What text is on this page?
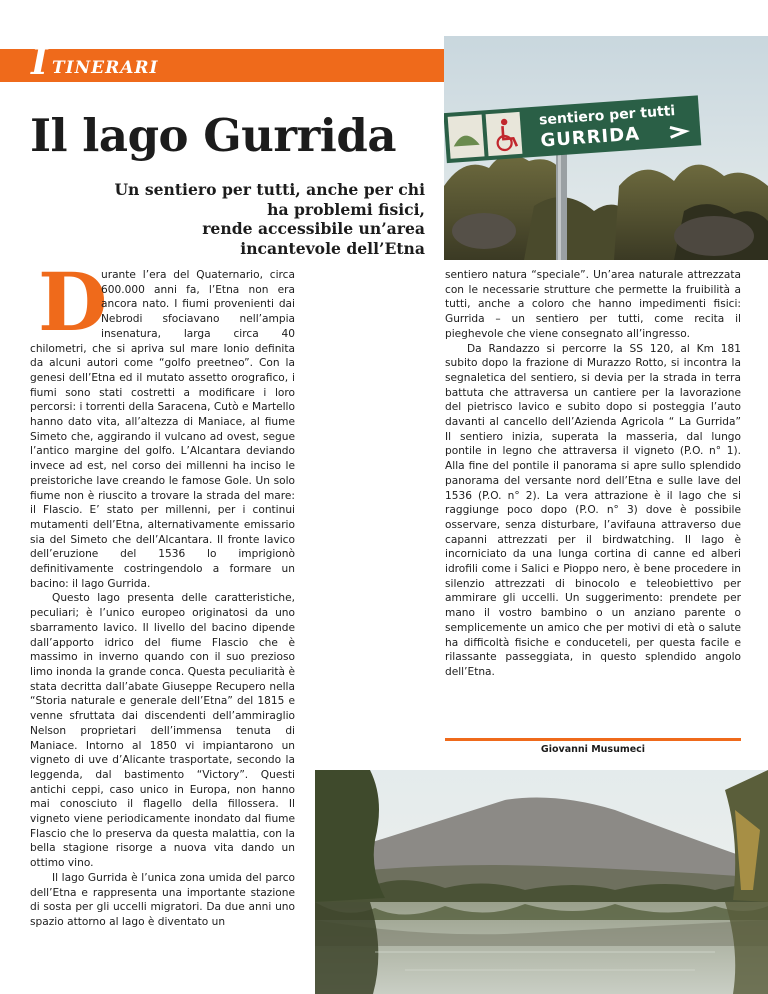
I TINERARI
Il lago Gurrida
Un sentiero per tutti, anche per chi
ha problemi fisici,
rende accessibile un’area
incantevole dell’Etna
sentiero per tutti
GURRIDA

D
urante l’era del Quaternario, circa 600.000 anni fa, l’Etna non era ancora nato. I fiumi provenienti dai Nebrodi sfociavano nell’ampia insenatura, larga circa 40 chilometri, che si apriva sul mare Ionio definita da alcuni autori come “golfo preetneo”. Con la genesi dell’Etna ed il mutato assetto orografico, i fiumi sono stati costretti a modificare i loro percorsi: i torrenti della Saracena, Cutò e Martello hanno dato vita, all’altezza di Maniace, al fiume Simeto che, aggirando il vulcano ad ovest, segue l’antico margine del golfo. L’Alcantara deviando invece ad est, nel corso dei millenni ha inciso le preistoriche lave creando le famose Gole. Un solo fiume non è riuscito a trovare la strada del mare: il Flascio. E’ stato per millenni, per i continui mutamenti dell’Etna, alternativamente emissario sia del Simeto che dell’Alcantara. Il fronte lavico dell’eruzione del 1536 lo imprigionò definitivamente costringendolo a formare un bacino: il lago Gurrida.

Questo lago presenta delle caratteristiche, peculiari; è l’unico europeo originatosi da uno sbarramento lavico. Il livello del bacino dipende dall’apporto idrico del fiume Flascio che è massimo in inverno quando con il suo prezioso limo inonda la grande conca. Questa peculiarità è stata decritta dall’abate Giuseppe Recupero nella “Storia naturale e generale dell’Etna” del 1815 e venne sfruttata dai discendenti dell’ammiraglio Nelson proprietari dell’immensa tenuta di Maniace. Intorno al 1850 vi impiantarono un vigneto di uve d’Alicante trasportate, secondo la leggenda, dal bastimento “Victory”. Questi antichi ceppi, caso unico in Europa, non hanno mai conosciuto il flagello della fillossera. Il vigneto viene periodicamente inondato dal fiume Flascio che lo preserva da questa malattia, con la bella stagione risorge a nuova vita dando un ottimo vino.

Il lago Gurrida è l’unica zona umida del parco dell’Etna e rappresenta una importante stazione di sosta per gli uccelli migratori. Da due anni uno spazio attorno al lago è diventato un

sentiero natura “speciale”. Un’area naturale attrezzata con le necessarie strutture che permette la fruibilità a tutti, anche a coloro che hanno impedimenti fisici: Gurrida – un sentiero per tutti, come recita il pieghevole che viene consegnato all’ingresso.

Da Randazzo si percorre la SS 120, al Km 181 subito dopo la frazione di Murazzo Rotto, si incontra la segnaletica del sentiero, si devia per la strada in terra battuta che attraversa un cantiere per la lavorazione del pietrisco lavico e subito dopo si posteggia l’auto davanti al cancello dell’Azienda Agricola “ La Gurrida” Il sentiero inizia, superata la masseria, dal lungo pontile in legno che attraversa il vigneto (P.O. n° 1). Alla fine del pontile il panorama si apre sullo splendido panorama del versante nord dell’Etna e sulle lave del 1536 (P.O. n° 2). La vera attrazione è il lago che si raggiunge poco dopo (P.O. n° 3) dove è possibile osservare, senza disturbare, l’avifauna attraverso due capanni attrezzati per il birdwatching. Il lago è incorniciato da una lunga cortina di canne ed alberi idrofili come i Salici e Pioppo nero, è bene procedere in silenzio attrezzati di binocolo e teleobiettivo per ammirare gli uccelli. Un suggerimento: prendete per mano il vostro bambino o un anziano parente o semplicemente un amico che per motivi di età o salute ha difficoltà fisiche e conduceteli, per questa facile e rilassante passeggiata, in questo splendido angolo dell’Etna.

Giovanni Musumeci
